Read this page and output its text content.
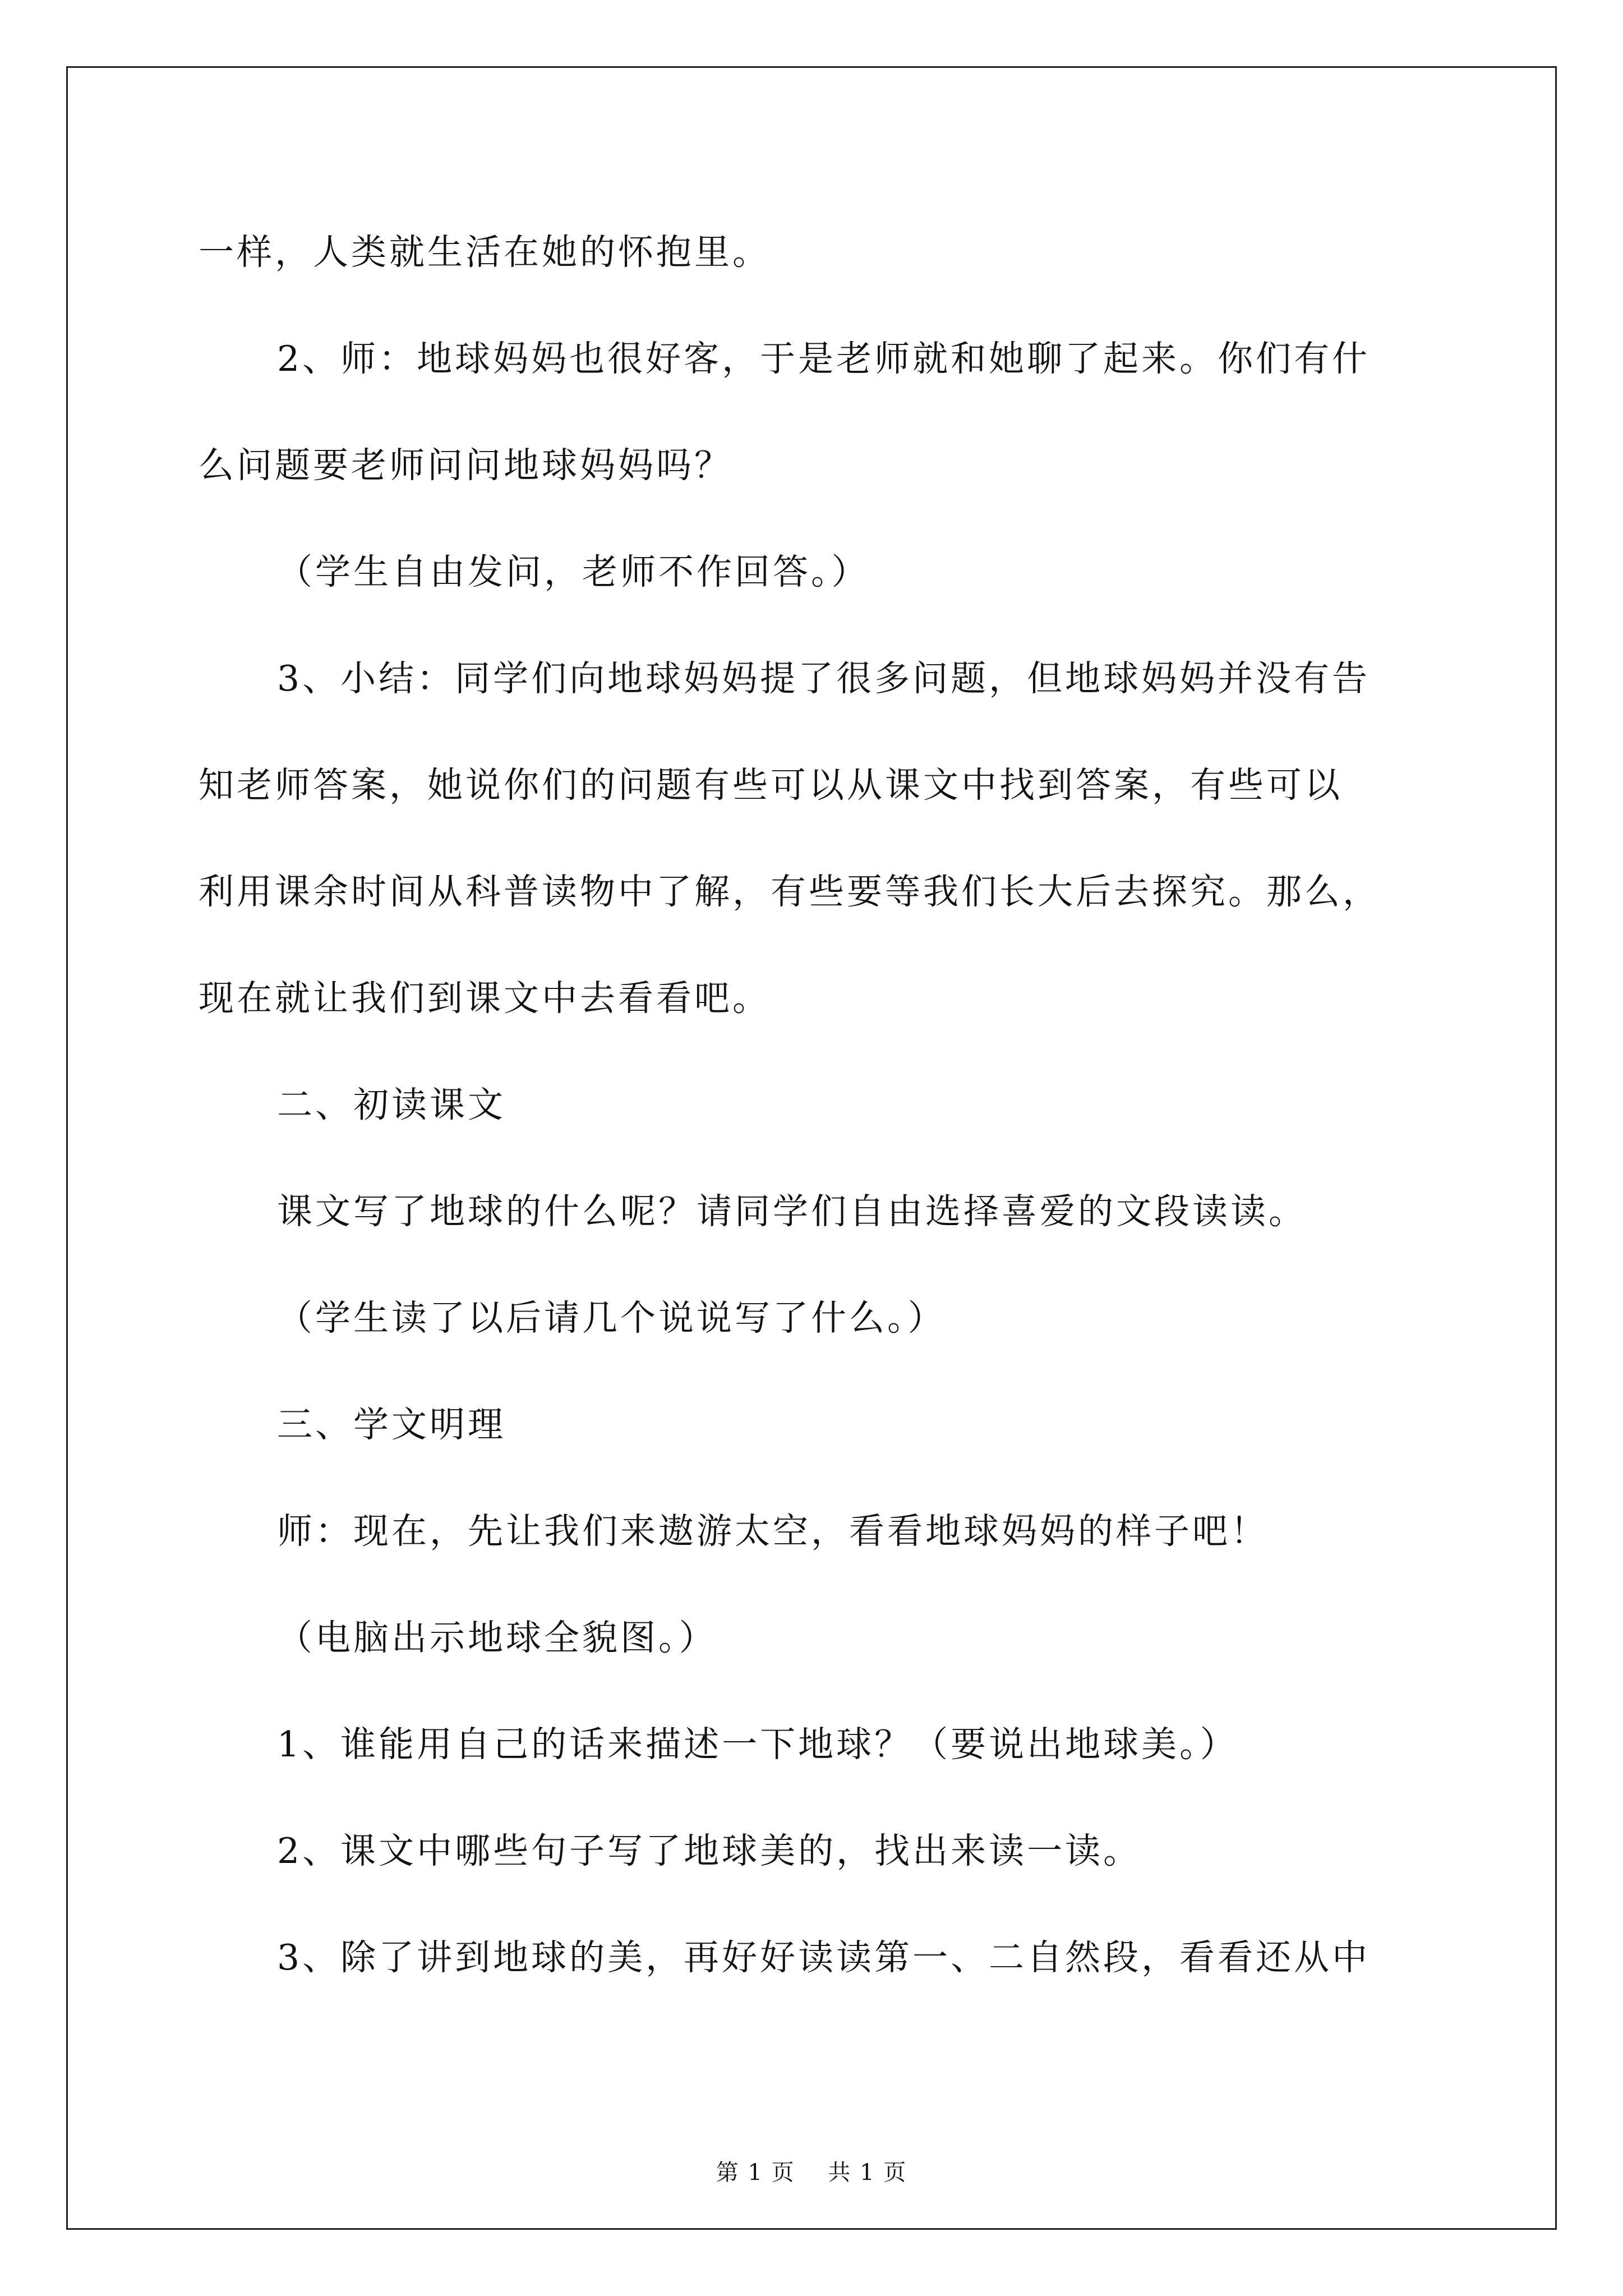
一样，人类就生活在她的怀抱里。
2、师：地球妈妈也很好客，于是老师就和她聊了起来。你们有什
么问题要老师问问地球妈妈吗？
（学生自由发问，老师不作回答。）
3、小结：同学们向地球妈妈提了很多问题，但地球妈妈并没有告
知老师答案，她说你们的问题有些可以从课文中找到答案，有些可以
利用课余时间从科普读物中了解，有些要等我们长大后去探究。那么，
现在就让我们到课文中去看看吧。
二、初读课文
课文写了地球的什么呢？请同学们自由选择喜爱的文段读读。
（学生读了以后请几个说说写了什么。）
三、学文明理
师：现在，先让我们来遨游太空，看看地球妈妈的样子吧！
（电脑出示地球全貌图。）
1、谁能用自己的话来描述一下地球？（要说出地球美。）
2、课文中哪些句子写了地球美的，找出来读一读。
3、除了讲到地球的美，再好好读读第一、二自然段，看看还从中
第 1 页    共 1 页
